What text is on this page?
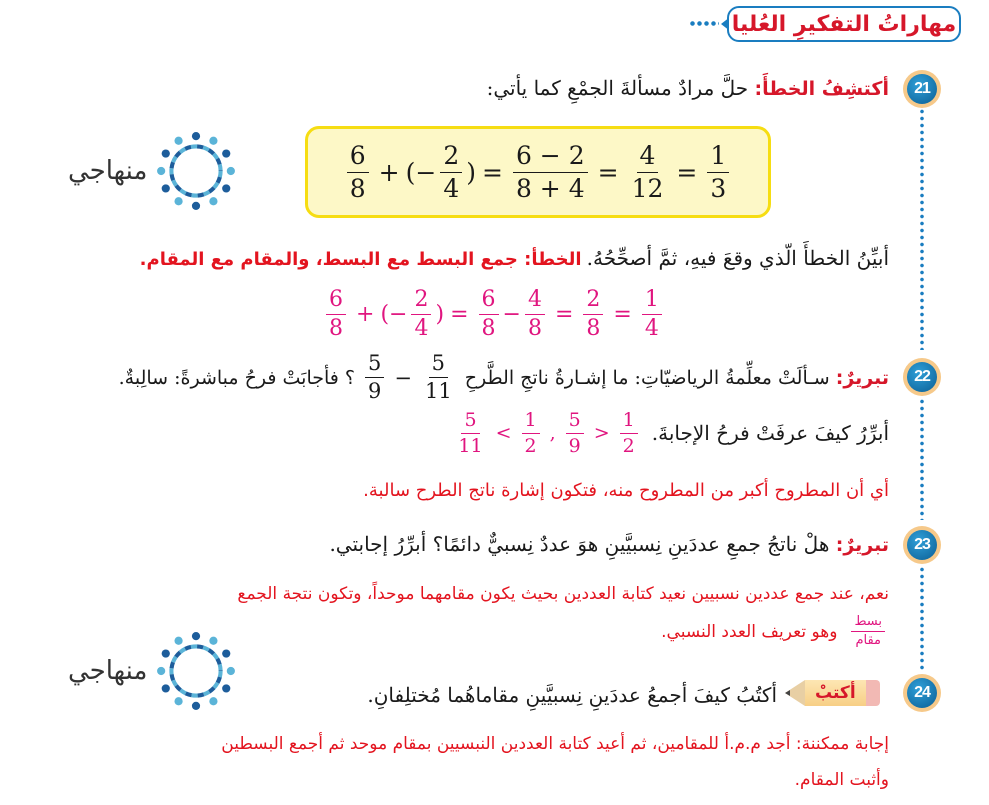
مهاراتُ التفكيرِ العُليا
21
أكتشِفُ الخطأَ: حلَّ مرادٌ مسألةَ الجمْعِ كما يأتي:
$\frac{6}{8}$ + (− $\frac{2}{4}$ ) = $\frac{6 - 2}{8 + 4} = \frac{4}{12} = \frac{1}{3}$
منهاجي
أبيِّنُ الخطأَ الّذي وقعَ فيهِ، ثمَّ أصحِّحُهُ. الخطأ: جمع البسط مع البسط، والمقام مع المقام.
$\frac{6}{8}$ + (− $\frac{2}{4}$ ) = $\frac{6}{8} - \frac{4}{8} = \frac{2}{8} = \frac{1}{4}$
22
تبريرٌ:
سـألَتْ معلِّمةُ الرياضيّاتِ: ما إشـارةُ ناتجِ الطَّرحِ
$\frac{5}{9} - \frac{5}{11}$
؟ فأجابَتْ فرحُ مباشرةً: سالِبةٌ.
أبرِّرُ كيفَ عرفَتْ فرحُ الإجابةَ.
$\frac{5}{11} < \frac{1}{2}$ , $\frac{5}{9} > \frac{1}{2}$
أي أن المطروح أكبر من المطروح منه، فتكون إشارة ناتج الطرح سالبة.
23
تبريرٌ: هلْ ناتجُ جمعِ عددَينِ نِسبيَّينِ هوَ عددٌ نِسبيٌّ دائمًا؟ أبرِّرُ إجابتي.
نعم، عند جمع عددين نسبيين نعيد كتابة العددين بحيث يكون مقامهما موحداً، وتكون نتجة الجمع
$\frac{\text{بسط}}{\text{مقام}}$
وهو تعريف العدد النسبي.
منهاجي
24
أكتبْ
أكتُبُ كيفَ أجمعُ عددَينِ نِسبيَّينِ مقاماهُما مُختلِفانِ.
إجابة ممكننة: أجد م.م.أ للمقامين، ثم أعيد كتابة العددين النبسيين بمقام موحد ثم أجمع البسطين
وأثبت المقام.
